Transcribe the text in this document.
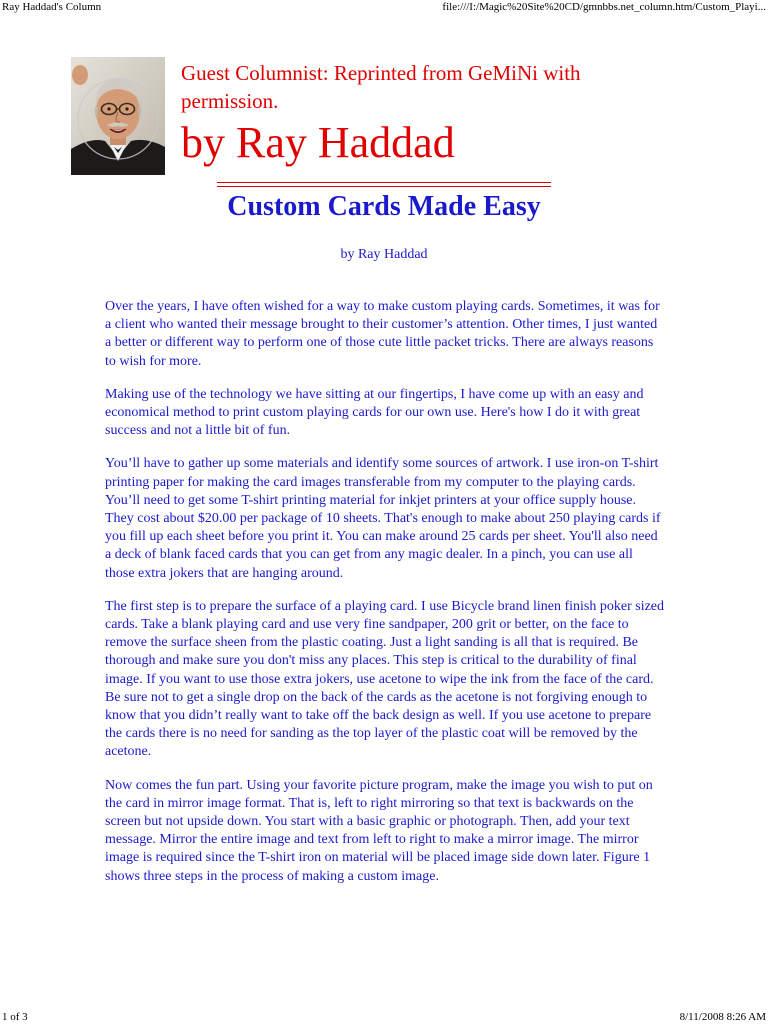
Ray Haddad's Column	file:///I:/Magic%20Site%20CD/gmnbbs.net_column.htm/Custom_Playi...
Guest Columnist: Reprinted from GeMiNi with permission.
by Ray Haddad
Custom Cards Made Easy
by Ray Haddad

Over the years, I have often wished for a way to make custom playing cards. Sometimes, it was for a client who wanted their message brought to their customer’s attention. Other times, I just wanted a better or different way to perform one of those cute little packet tricks. There are always reasons to wish for more.

Making use of the technology we have sitting at our fingertips, I have come up with an easy and economical method to print custom playing cards for our own use. Here's how I do it with great success and not a little bit of fun.

You’ll have to gather up some materials and identify some sources of artwork. I use iron-on T-shirt printing paper for making the card images transferable from my computer to the playing cards. You’ll need to get some T-shirt printing material for inkjet printers at your office supply house. They cost about $20.00 per package of 10 sheets. That's enough to make about 250 playing cards if you fill up each sheet before you print it. You can make around 25 cards per sheet. You'll also need a deck of blank faced cards that you can get from any magic dealer. In a pinch, you can use all those extra jokers that are hanging around.

The first step is to prepare the surface of a playing card. I use Bicycle brand linen finish poker sized cards. Take a blank playing card and use very fine sandpaper, 200 grit or better, on the face to remove the surface sheen from the plastic coating. Just a light sanding is all that is required. Be thorough and make sure you don't miss any places. This step is critical to the durability of final image. If you want to use those extra jokers, use acetone to wipe the ink from the face of the card. Be sure not to get a single drop on the back of the cards as the acetone is not forgiving enough to know that you didn’t really want to take off the back design as well. If you use acetone to prepare the cards there is no need for sanding as the top layer of the plastic coat will be removed by the acetone.

Now comes the fun part. Using your favorite picture program, make the image you wish to put on the card in mirror image format. That is, left to right mirroring so that text is backwards on the screen but not upside down. You start with a basic graphic or photograph. Then, add your text message. Mirror the entire image and text from left to right to make a mirror image. The mirror image is required since the T-shirt iron on material will be placed image side down later. Figure 1 shows three steps in the process of making a custom image.

1 of 3	8/11/2008 8:26 AM
